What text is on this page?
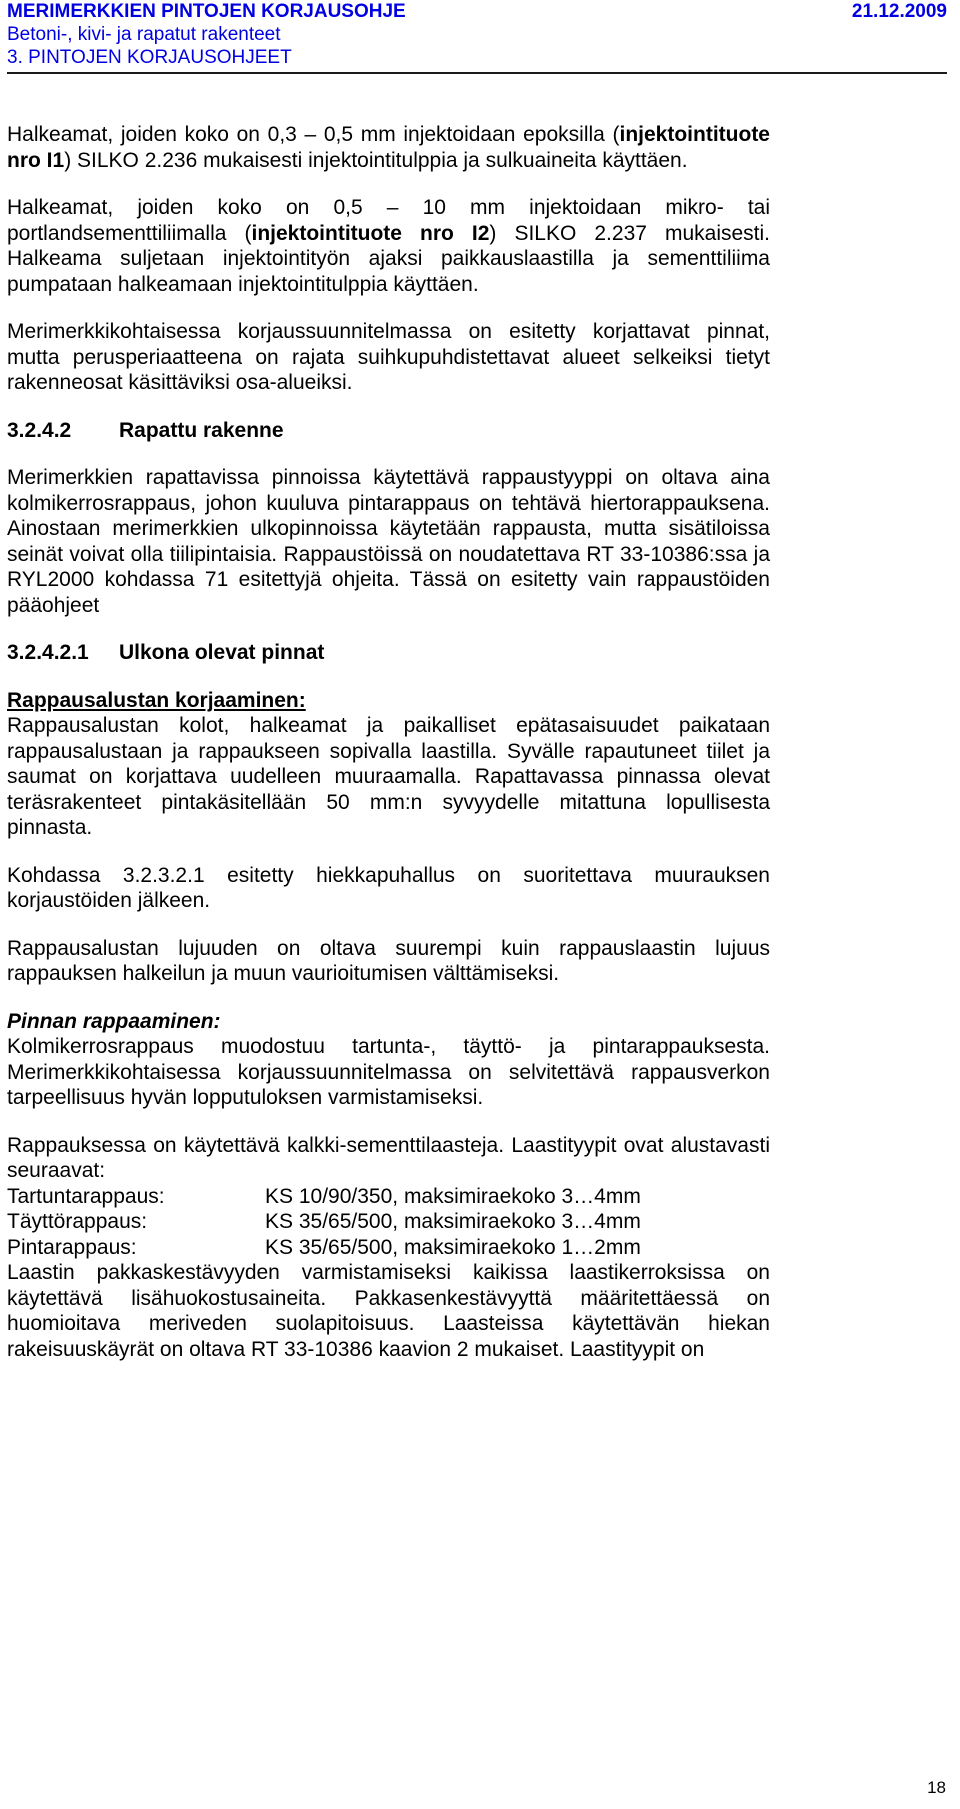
MERIMERKKIEN PINTOJEN KORJAUSOHJE	21.12.2009
Betoni-, kivi- ja rapatut rakenteet
3. PINTOJEN KORJAUSOHJEET

Halkeamat, joiden koko on 0,3 – 0,5 mm injektoidaan epoksilla (injektointituote nro I1) SILKO 2.236 mukaisesti injektointitulppia ja sulkuaineita käyttäen.

Halkeamat, joiden koko on 0,5 – 10 mm injektoidaan mikro- tai portlandsementtiliimalla (injektointituote nro I2) SILKO 2.237 mukaisesti. Halkeama suljetaan injektointityön ajaksi paikkauslaastilla ja sementtiliima pumpataan halkeamaan injektointitulppia käyttäen.

Merimerkkikohtaisessa korjaussuunnitelmassa on esitetty korjattavat pinnat, mutta perusperiaatteena on rajata suihkupuhdistettavat alueet selkeiksi tietyt rakenneosat käsittäviksi osa-alueiksi.

3.2.4.2 Rapattu rakenne

Merimerkkien rapattavissa pinnoissa käytettävä rappaustyyppi on oltava aina kolmikerrosrappaus, johon kuuluva pintarappaus on tehtävä hiertorappauksena. Ainostaan merimerkkien ulkopinnoissa käytetään rappausta, mutta sisätiloissa seinät voivat olla tiilipintaisia. Rappaustöissä on noudatettava RT 33-10386:ssa ja RYL2000 kohdassa 71 esitettyjä ohjeita. Tässä on esitetty vain rappaustöiden pääohjeet

3.2.4.2.1 Ulkona olevat pinnat
Rappausalustan korjaaminen:

Rappausalustan kolot, halkeamat ja paikalliset epätasaisuudet paikataan rappausalustaan ja rappaukseen sopivalla laastilla. Syvälle rapautuneet tiilet ja saumat on korjattava uudelleen muuraamalla. Rapattavassa pinnassa olevat teräsrakenteet pintakäsitellään 50 mm:n syvyydelle mitattuna lopullisesta pinnasta.

Kohdassa 3.2.3.2.1 esitetty hiekkapuhallus on suoritettava muurauksen korjaustöiden jälkeen.

Rappausalustan lujuuden on oltava suurempi kuin rappauslaastin lujuus rappauksen halkeilun ja muun vaurioitumisen välttämiseksi.

Pinnan rappaaminen:

Kolmikerrosrappaus muodostuu tartunta-, täyttö- ja pintarappauksesta. Merimerkkikohtaisessa korjaussuunnitelmassa on selvitettävä rappausverkon tarpeellisuus hyvän lopputuloksen varmistamiseksi.

Rappauksessa on käytettävä kalkki-sementtilaasteja. Laastityypit ovat alustavasti seuraavat:

Tartuntarappaus:	KS 10/90/350, maksimiraekoko 3…4mm
Täyttörappaus:	KS 35/65/500, maksimiraekoko 3…4mm
Pintarappaus:	KS 35/65/500, maksimiraekoko 1…2mm

Laastin pakkaskestävyyden varmistamiseksi kaikissa laastikerroksissa on käytettävä lisähuokostusaineita. Pakkasenkestävyyttä määritettäessä on huomioitava meriveden suolapitoisuus. Laasteissa käytettävän hiekan rakeisuuskäyrät on oltava RT 33-10386 kaavion 2 mukaiset. Laastityypit on

18
